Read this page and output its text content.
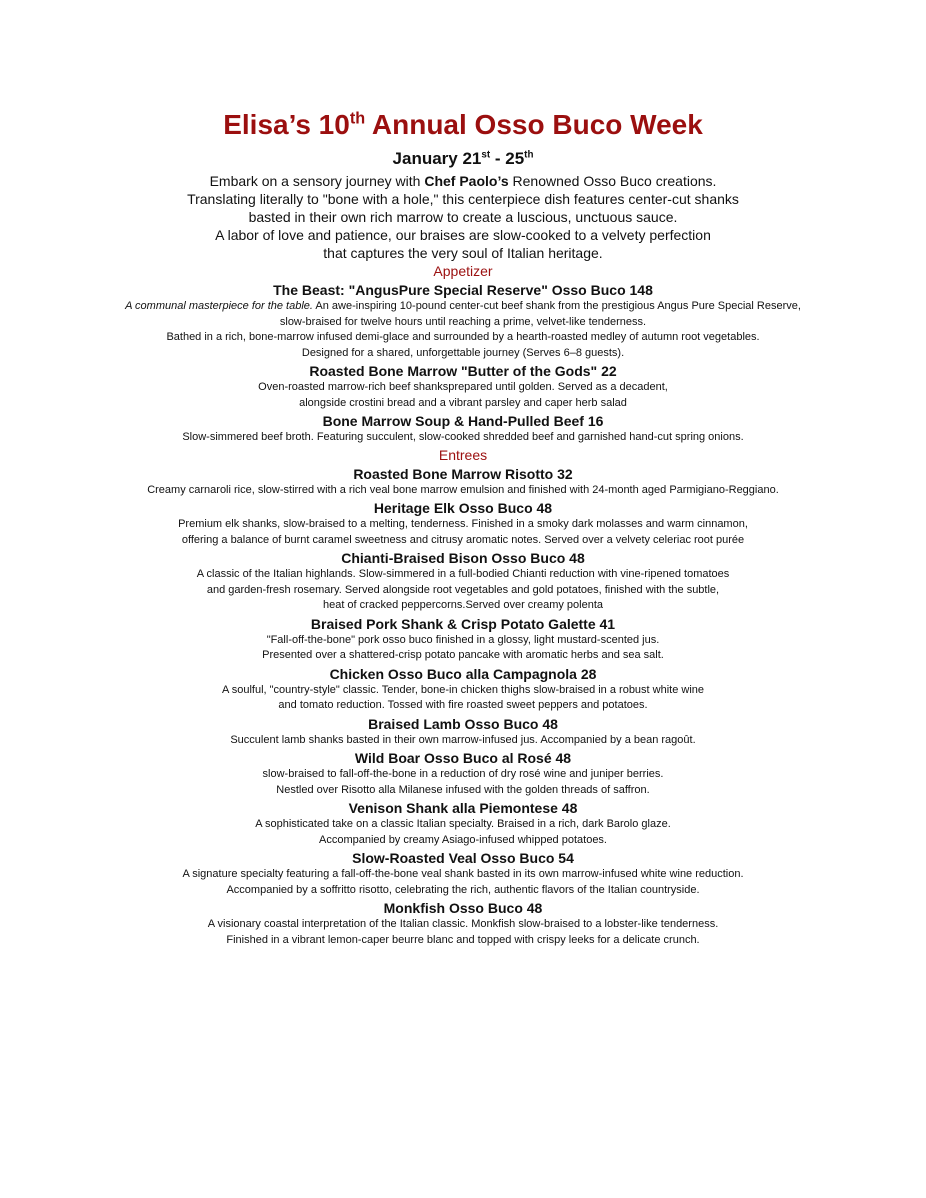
Elisa’s 10th Annual Osso Buco Week
January 21st - 25th
Embark on a sensory journey with Chef Paolo’s Renowned Osso Buco creations.
Translating literally to "bone with a hole," this centerpiece dish features center-cut shanks
basted in their own rich marrow to create a luscious, unctuous sauce.
A labor of love and patience, our braises are slow-cooked to a velvety perfection
that captures the very soul of Italian heritage.
Appetizer
The Beast: "AngusPure Special Reserve" Osso Buco 148
A communal masterpiece for the table. An awe-inspiring 10-pound center-cut beef shank from the prestigious Angus Pure Special Reserve,
slow-braised for twelve hours until reaching a prime, velvet-like tenderness.
Bathed in a rich, bone-marrow infused demi-glace and surrounded by a hearth-roasted medley of autumn root vegetables.
Designed for a shared, unforgettable journey (Serves 6–8 guests).
Roasted Bone Marrow "Butter of the Gods" 22
Oven-roasted marrow-rich beef shanksprepared until golden. Served as a decadent,
alongside crostini bread and a vibrant parsley and caper herb salad
Bone Marrow Soup & Hand-Pulled Beef 16
Slow-simmered beef broth. Featuring succulent, slow-cooked shredded beef and garnished hand-cut spring onions.
Entrees
Roasted Bone Marrow Risotto 32
Creamy carnaroli rice, slow-stirred with a rich veal bone marrow emulsion and finished with 24-month aged Parmigiano-Reggiano.
Heritage Elk Osso Buco 48
Premium elk shanks, slow-braised to a melting, tenderness. Finished in a smoky dark molasses and warm cinnamon,
offering a balance of burnt caramel sweetness and citrusy aromatic notes. Served over a velvety celeriac root purée
Chianti-Braised Bison Osso Buco 48
A classic of the Italian highlands. Slow-simmered in a full-bodied Chianti reduction with vine-ripened tomatoes
and garden-fresh rosemary. Served alongside root vegetables and gold potatoes, finished with the subtle,
heat of cracked peppercorns.Served over creamy polenta
Braised Pork Shank & Crisp Potato Galette 41
"Fall-off-the-bone" pork osso buco finished in a glossy, light mustard-scented jus.
Presented over a shattered-crisp potato pancake with aromatic herbs and sea salt.
Chicken Osso Buco alla Campagnola 28
A soulful, "country-style" classic. Tender, bone-in chicken thighs slow-braised in a robust white wine
and tomato reduction. Tossed with fire roasted sweet peppers and potatoes.
Braised Lamb Osso Buco 48
Succulent lamb shanks basted in their own marrow-infused jus. Accompanied by a bean ragoût.
Wild Boar Osso Buco al Rosé 48
slow-braised to fall-off-the-bone in a reduction of dry rosé wine and juniper berries.
Nestled over Risotto alla Milanese infused with the golden threads of saffron.
Venison Shank alla Piemontese 48
A sophisticated take on a classic Italian specialty. Braised in a rich, dark Barolo glaze.
Accompanied by creamy Asiago-infused whipped potatoes.
Slow-Roasted Veal Osso Buco 54
A signature specialty featuring a fall-off-the-bone veal shank basted in its own marrow-infused white wine reduction.
Accompanied by a soffritto risotto, celebrating the rich, authentic flavors of the Italian countryside.
Monkfish Osso Buco 48
A visionary coastal interpretation of the Italian classic. Monkfish slow-braised to a lobster-like tenderness.
Finished in a vibrant lemon-caper beurre blanc and topped with crispy leeks for a delicate crunch.
